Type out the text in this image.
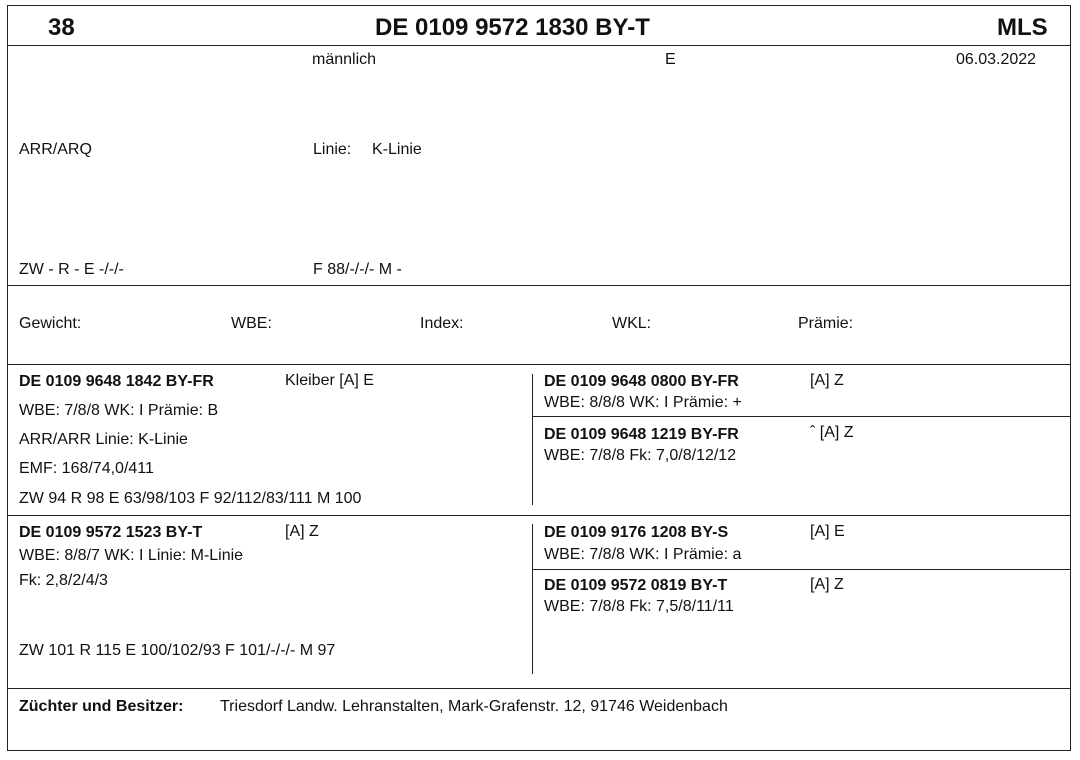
38	DE 0109 9572 1830 BY-T	MLS
männlich	E	06.03.2022
ARR/ARQ	Linie: K-Linie
ZW - R - E -/-/-	F 88/-/-/- M -
Gewicht:	WBE:	Index:	WKL:	Prämie:
DE 0109 9648 1842 BY-FR	Kleiber [A] E
WBE: 7/8/8 WK: I Prämie: B
ARR/ARR Linie: K-Linie
EMF: 168/74,0/411
ZW 94 R 98 E 63/98/103 F 92/112/83/111 M 100
DE 0109 9648 0800 BY-FR	[A] Z
WBE: 8/8/8 WK: I Prämie: +
DE 0109 9648 1219 BY-FR	ˆ [A] Z
WBE: 7/8/8 Fk: 7,0/8/12/12
DE 0109 9572 1523 BY-T	[A] Z
WBE: 8/8/7 WK: I Linie: M-Linie
Fk: 2,8/2/4/3
ZW 101 R 115 E 100/102/93 F 101/-/-/- M 97
DE 0109 9176 1208 BY-S	[A] E
WBE: 7/8/8 WK: I Prämie: a
DE 0109 9572 0819 BY-T	[A] Z
WBE: 7/8/8 Fk: 7,5/8/11/11
Züchter und Besitzer: Triesdorf Landw. Lehranstalten, Mark-Grafenstr. 12, 91746 Weidenbach
